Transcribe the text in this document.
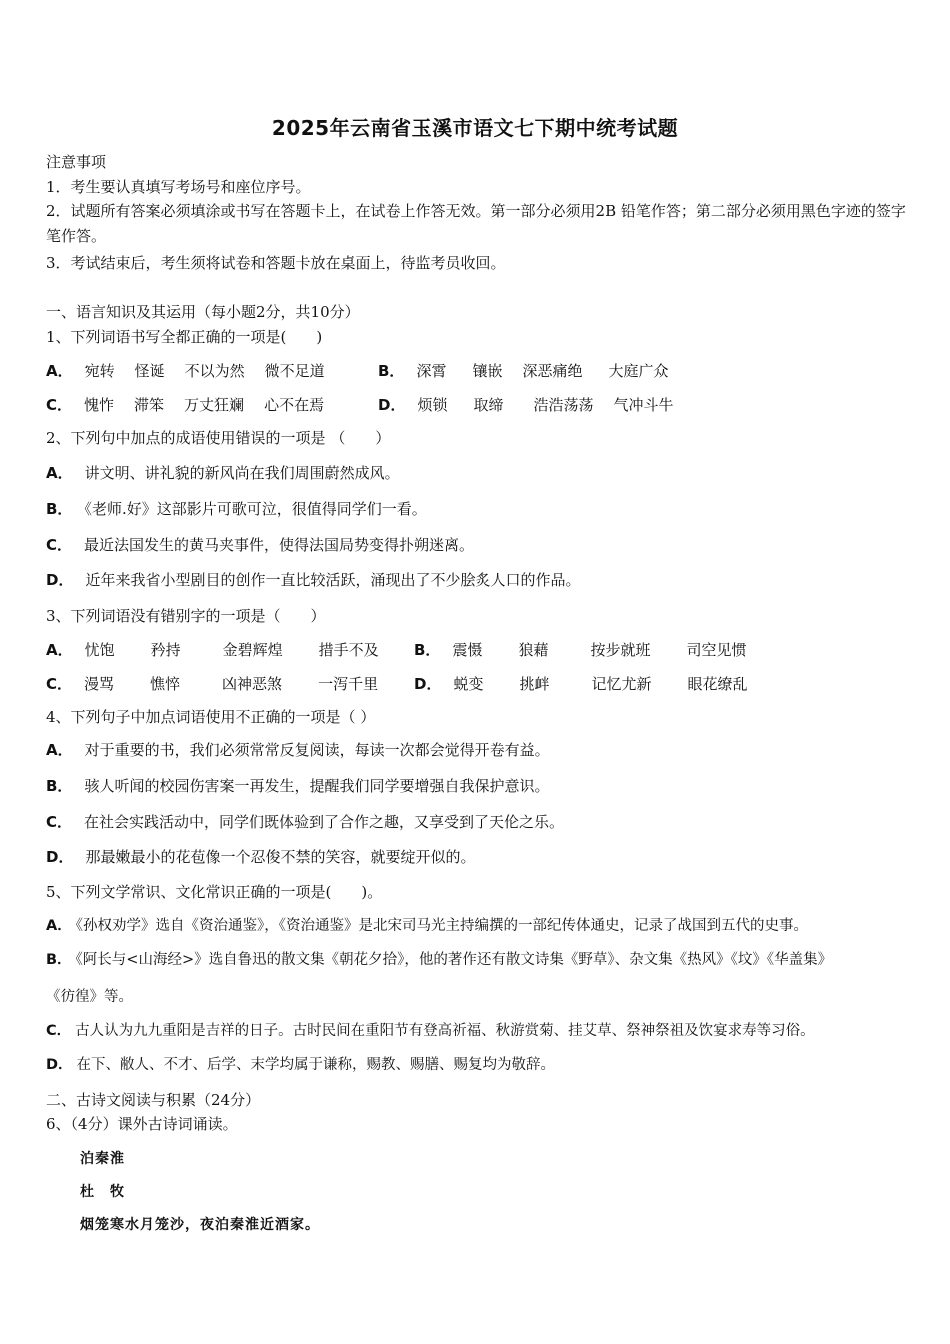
2025年云南省玉溪市语文七下期中统考试题
注意事项
1．考生要认真填写考场号和座位序号。
2．试题所有答案必须填涂或书写在答题卡上，在试卷上作答无效。第一部分必须用2B 铅笔作答；第二部分必须用黑色字迹的签字笔作答。
3．考试结束后，考生须将试卷和答题卡放在桌面上，待监考员收回。
一、语言知识及其运用（每小题2分，共10分）
1、下列词语书写全都正确的一项是(　　)
A． 宛转 怪诞 不以为然 微不足道	B． 深霄 镶嵌 深恶痛绝 大庭广众
C． 愧怍 滞笨 万丈狂斓 心不在焉	D． 烦锁 取缔 浩浩荡荡 气冲斗牛
2、下列句中加点的成语使用错误的一项是 （　　）
A． 讲文明、讲礼貌的新风尚在我们周围蔚然成风。
B． 《老师.好》这部影片可歌可泣，很值得同学们一看。
C． 最近法国发生的黄马夹事件，使得法国局势变得扑朔迷离。
D． 近年来我省小型剧目的创作一直比较活跃，涌现出了不少脍炙人口的作品。
3、下列词语没有错别字的一项是（　　）
A． 忧饱 矜持	金碧辉煌 措手不及 B． 震慑 狼藉	按步就班 司空见惯
C． 漫骂 憔悴	凶神恶煞 一泻千里 D． 蜕变 挑衅	记忆尤新 眼花缭乱
4、下列句子中加点词语使用不正确的一项是（ ）
A． 对于重要的书，我们必须常常反复阅读，每读一次都会觉得开卷有益。
B． 骇人听闻的校园伤害案一再发生，提醒我们同学要增强自我保护意识。
C． 在社会实践活动中，同学们既体验到了合作之趣，又享受到了天伦之乐。
D． 那最嫩最小的花苞像一个忍俊不禁的笑容，就要绽开似的。
5、下列文学常识、文化常识正确的一项是(　　)。
A． 《孙权劝学》选自《资治通鉴》，《资治通鉴》是北宋司马光主持编撰的一部纪传体通史，记录了战国到五代的史事。
B． 《阿长与<山海经>》选自鲁迅的散文集《朝花夕拾》，他的著作还有散文诗集《野草》、杂文集《热风》《坟》《华盖集》
《彷徨》等。
C． 古人认为九九重阳是吉祥的日子。古时民间在重阳节有登高祈福、秋游赏菊、挂艾草、祭神祭祖及饮宴求寿等习俗。
D． 在下、敝人、不才、后学、末学均属于谦称，赐教、赐膳、赐复均为敬辞。
二、古诗文阅读与积累（24分）
6、（4分）课外古诗词诵读。
泊秦淮
杜　牧
烟笼寒水月笼沙，夜泊秦淮近酒家。
